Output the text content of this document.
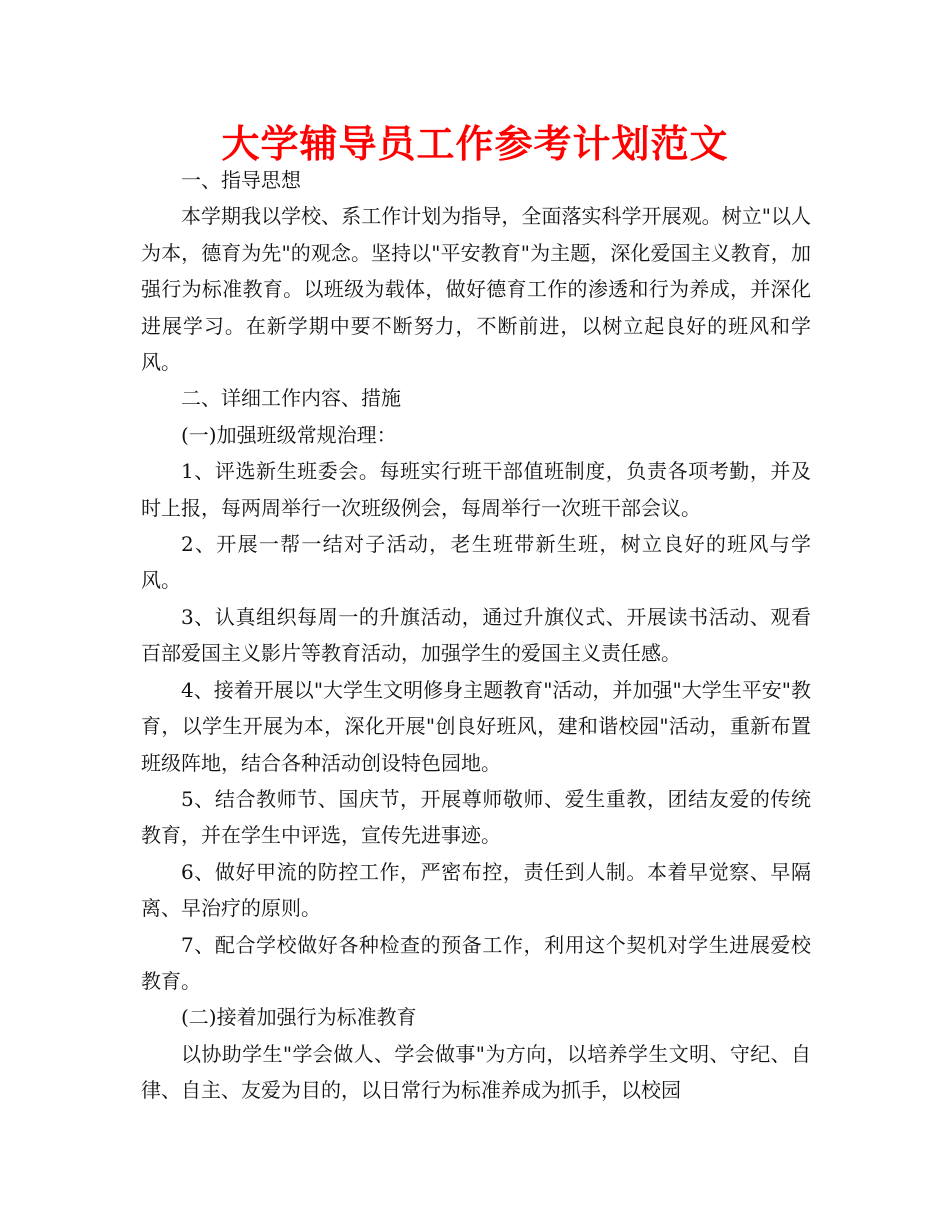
大学辅导员工作参考计划范文

一、指导思想

本学期我以学校、系工作计划为指导，全面落实科学开展观。树立"以人为本，德育为先"的观念。坚持以"平安教育"为主题，深化爱国主义教育，加强行为标准教育。以班级为载体，做好德育工作的渗透和行为养成，并深化进展学习。在新学期中要不断努力，不断前进，以树立起良好的班风和学风。

二、详细工作内容、措施

(一)加强班级常规治理：

1、评选新生班委会。每班实行班干部值班制度，负责各项考勤，并及时上报，每两周举行一次班级例会，每周举行一次班干部会议。

2、开展一帮一结对子活动，老生班带新生班，树立良好的班风与学风。

3、认真组织每周一的升旗活动，通过升旗仪式、开展读书活动、观看百部爱国主义影片等教育活动，加强学生的爱国主义责任感。

4、接着开展以"大学生文明修身主题教育"活动，并加强"大学生平安"教育，以学生开展为本，深化开展"创良好班风，建和谐校园"活动，重新布置班级阵地，结合各种活动创设特色园地。

5、结合教师节、国庆节，开展尊师敬师、爱生重教，团结友爱的传统教育，并在学生中评选，宣传先进事迹。

6、做好甲流的防控工作，严密布控，责任到人制。本着早觉察、早隔离、早治疗的原则。

7、配合学校做好各种检查的预备工作，利用这个契机对学生进展爱校教育。

(二)接着加强行为标准教育

以协助学生"学会做人、学会做事"为方向，以培养学生文明、守纪、自律、自主、友爱为目的，以日常行为标准养成为抓手，以校园
